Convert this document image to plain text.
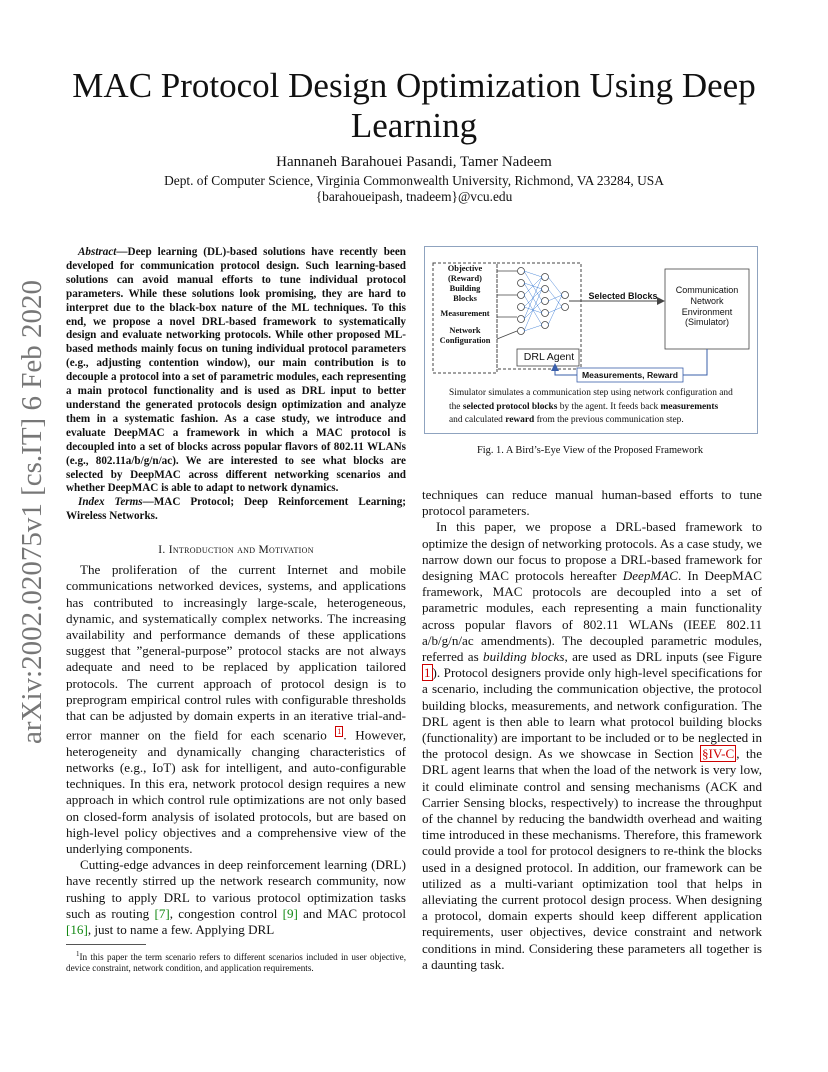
MAC Protocol Design Optimization Using Deep Learning
Hannaneh Barahouei Pasandi, Tamer Nadeem
Dept. of Computer Science, Virginia Commonwealth University, Richmond, VA 23284, USA
{barahoueipash, tnadeem}@vcu.edu
arXiv:2002.02075v1 [cs.IT] 6 Feb 2020

Abstract—Deep learning (DL)-based solutions have recently been developed for communication protocol design. Such learning-based solutions can avoid manual efforts to tune individual protocol parameters. While these solutions look promising, they are hard to interpret due to the black-box nature of the ML techniques. To this end, we propose a novel DRL-based framework to systematically design and evaluate networking protocols. While other proposed ML-based methods mainly focus on tuning individual protocol parameters (e.g., adjusting contention window), our main contribution is to decouple a protocol into a set of parametric modules, each representing a main protocol functionality and is used as DRL input to better understand the generated protocols design optimization and analyze them in a systematic fashion. As a case study, we introduce and evaluate DeepMAC a framework in which a MAC protocol is decoupled into a set of blocks across popular flavors of 802.11 WLANs (e.g., 802.11a/b/g/n/ac). We are interested to see what blocks are selected by DeepMAC across different networking scenarios and whether DeepMAC is able to adapt to network dynamics.

Index Terms—MAC Protocol; Deep Reinforcement Learning; Wireless Networks.

I. Introduction and Motivation

The proliferation of the current Internet and mobile communications networked devices, systems, and applications has contributed to increasingly large-scale, heterogeneous, dynamic, and systematically complex networks. The increasing availability and performance demands of these applications suggest that ”general-purpose” protocol stacks are not always adequate and need to be replaced by application tailored protocols. The current approach of protocol design is to preprogram empirical control rules with configurable thresholds that can be adjusted by domain experts in an iterative trial-and-error manner on the field for each scenario $^1$ . However, heterogeneity and dynamically changing characteristics of networks (e.g., IoT) ask for intelligent, and auto-configurable techniques. In this era, network protocol design requires a new approach in which control rule optimizations are not only based on closed-form analysis of isolated protocols, but are based on high-level policy objectives and a comprehensive view of the underlying components.

Cutting-edge advances in deep reinforcement learning (DRL) have recently stirred up the network research community, now rushing to apply DRL to various protocol optimization tasks such as routing [7], congestion control [9] and MAC protocol [16], just to name a few. Applying DRL

$^1$In this paper the term scenario refers to different scenarios included in user objective, device constraint, network condition, and application requirements.

Objective
(Reward)
Building
Blocks
Measurement
Network
Configuration
DRL Agent
Selected Blocks
Communication
Network
Environment
(Simulator)
Measurements, Reward
Simulator simulates a communication step using network configuration and
the selected protocol blocks by the agent. It feeds back measurements
and calculated reward from the previous communication step.
Fig. 1. A Bird’s-Eye View of the Proposed Framework

techniques can reduce manual human-based efforts to tune protocol parameters.

In this paper, we propose a DRL-based framework to optimize the design of networking protocols. As a case study, we narrow down our focus to propose a DRL-based framework for designing MAC protocols hereafter DeepMAC. In DeepMAC framework, MAC protocols are decoupled into a set of parametric modules, each representing a main functionality across popular flavors of 802.11 WLANs (IEEE 802.11 a/b/g/n/ac amendments). The decoupled parametric modules, referred as building blocks, are used as DRL inputs (see Figure 1 ). Protocol designers provide only high-level specifications for a scenario, including the communication objective, the protocol building blocks, measurements, and network configuration. The DRL agent is then able to learn what protocol building blocks (functionality) are important to be included or to be neglected in the protocol design. As we showcase in Section §IV-C , the DRL agent learns that when the load of the network is very low, it could eliminate control and sensing mechanisms (ACK and Carrier Sensing blocks, respectively) to increase the throughput of the channel by reducing the bandwidth overhead and waiting time introduced in these mechanisms. Therefore, this framework could provide a tool for protocol designers to re-think the blocks used in a designed protocol. In addition, our framework can be utilized as a multi-variant optimization tool that helps in alleviating the current protocol design process. When designing a protocol, domain experts should keep different application requirements, user objectives, device constraint and network conditions in mind. Considering these parameters all together is a daunting task.
